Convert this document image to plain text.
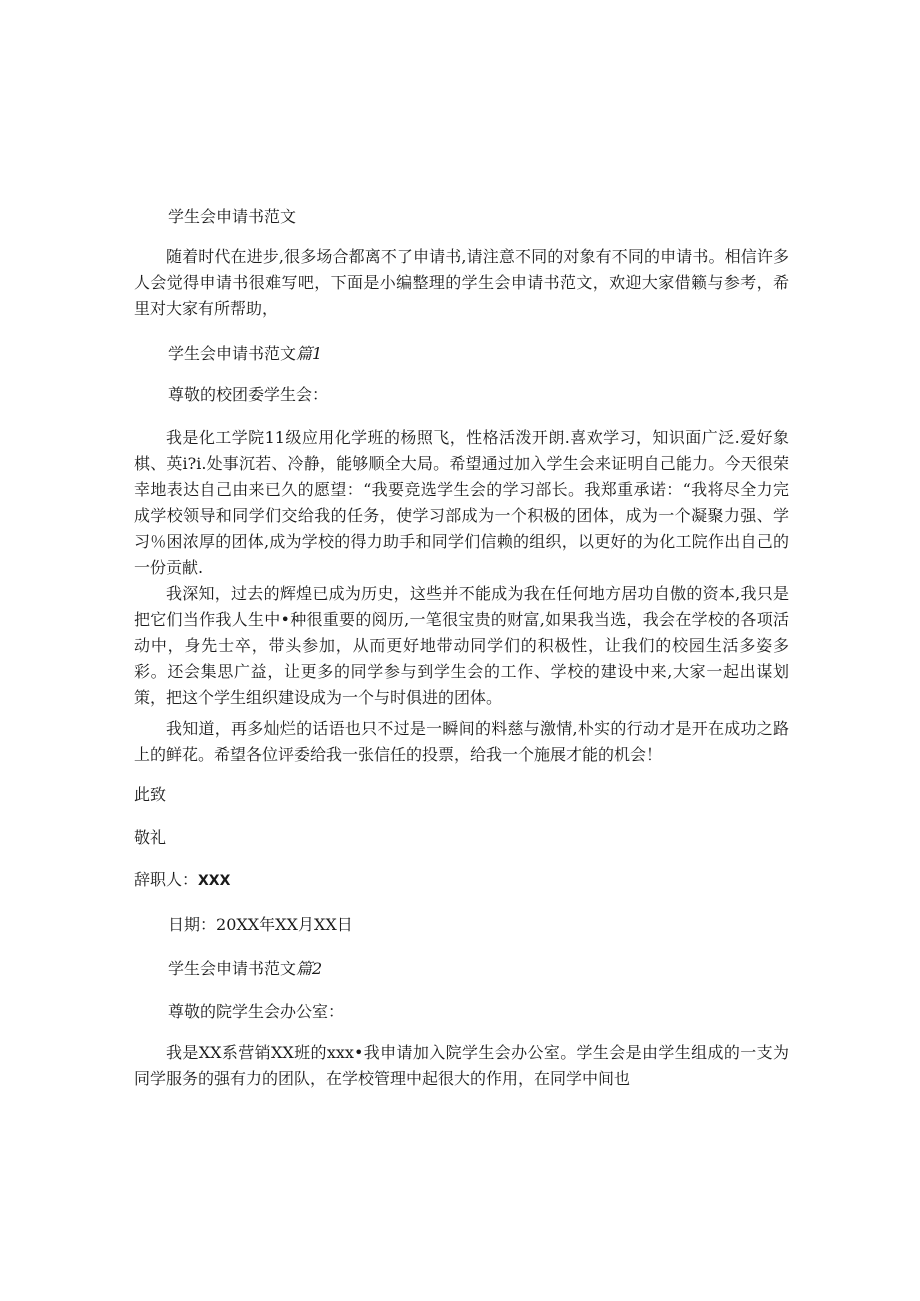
学生会申请书范文

随着时代在进步,很多场合都离不了申请书,请注意不同的对象有不同的申请书。相信许多人会觉得申请书很难写吧，下面是小编整理的学生会申请书范文，欢迎大家借籁与参考，希里对大家有所帮助，

学生会申请书范文篇1

尊敬的校团委学生会：

我是化工学院11级应用化学班的杨照飞，性格活泼开朗.喜欢学习，知识面广泛.爱好象棋、英i?i.处事沉若、冷静，能够顺全大局。希望通过加入学生会来证明自己能力。今天很荣幸地表达自己由来已久的愿望：“我要竞选学生会的学习部长。我郑重承诺：“我将尽全力完成学校领导和同学们交给我的任务，使学习部成为一个积极的团体，成为一个凝聚力强、学习％困浓厚的团体,成为学校的得力助手和同学们信赖的组织，以更好的为化工院作出自己的一份贡献.

我深知，过去的辉煌已成为历史，这些并不能成为我在任何地方居功自傲的资本,我只是把它们当作我人生中•种很重要的阅历,一笔很宝贵的财富,如果我当选，我会在学校的各项活动中，身先士卒，带头参加，从而更好地带动同学们的积极性，让我们的校园生活多姿多彩。还会集思广益，让更多的同学参与到学生会的工作、学校的建设中来,大家一起出谋划策，把这个学生组织建设成为一个与时俱进的团体。

我知道，再多灿烂的话语也只不过是一瞬间的料慈与激情,朴实的行动才是开在成功之路上的鲜花。希望各位评委给我一张信任的投票，给我一个施展才能的机会！

此致

敬礼

辞职人：XXX

日期：20XX年XX月XX日

学生会申请书范文篇2

尊敬的院学生会办公室：

我是XX系营销XX班的xxx•我申请加入院学生会办公室。学生会是由学生组成的一支为同学服务的强有力的团队，在学校管理中起很大的作用，在同学中间也
